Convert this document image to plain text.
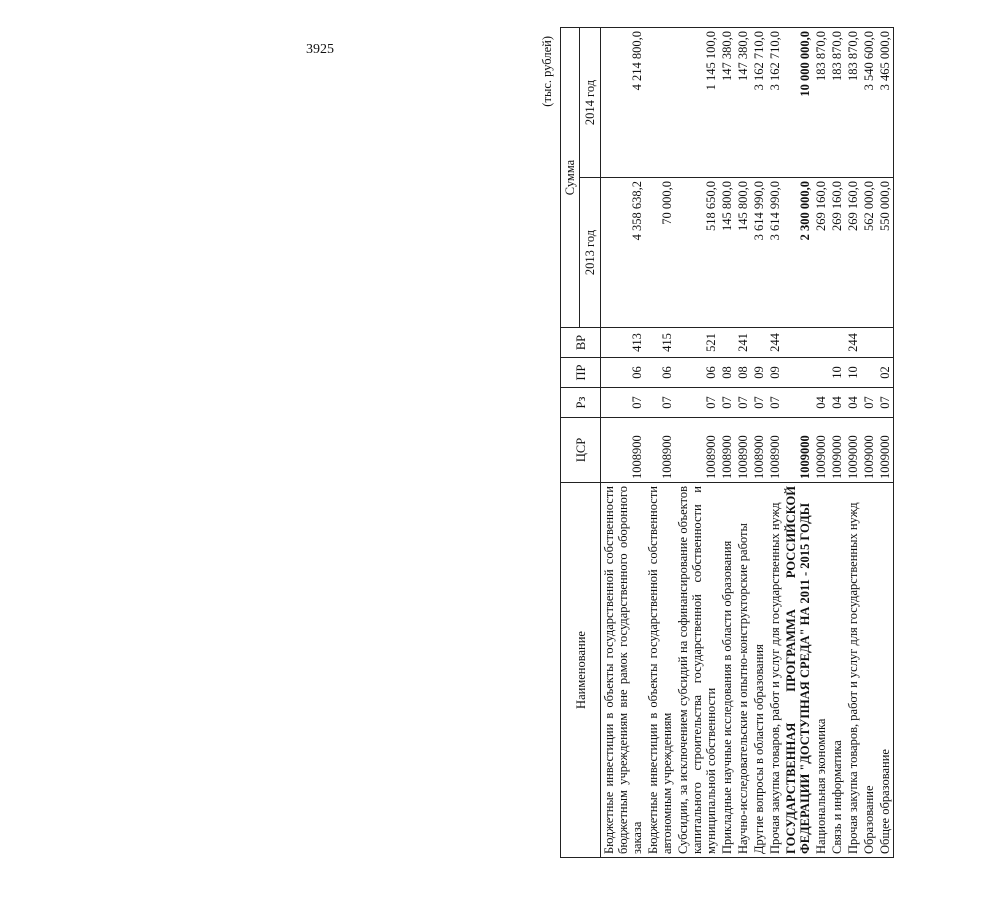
3925	(тыс. рублей)
Наименование	ЦСР	Рз	ПР	ВР	Сумма	
					2013 год	2014 год
Бюджетные инвестиции в объекты государственной собственности бюджетным учреждениям вне рамок государственного оборонного заказа	1008900	07	06	413	4 358 638,2	4 214 800,0
Бюджетные инвестиции в объекты государственной собственности автономным учреждениям	1008900	07	06	415	70 000,0	
Субсидии, за исключением субсидий на софинансирование объектов капитального строительства государственной собственности и муниципальной собственности	1008900	07	06	521	518 650,0	1 145 100,0
Прикладные научные исследования в области образования	1008900	07	08		145 800,0	147 380,0
Научно-исследовательские и опытно-конструкторские работы	1008900	07	08	241	145 800,0	147 380,0
Другие вопросы в области образования	1008900	07	09		3 614 990,0	3 162 710,0
Прочая закупка товаров, работ и услуг для государственных нужд	1008900	07	09	244	3 614 990,0	3 162 710,0
ГОСУДАРСТВЕННАЯ ПРОГРАММА РОССИЙСКОЙ ФЕДЕРАЦИИ "ДОСТУПНАЯ СРЕДА" НА 2011 - 2015 ГОДЫ	1009000				2 300 000,0	10 000 000,0
Национальная экономика	1009000	04			269 160,0	183 870,0
Связь и информатика	1009000	04	10		269 160,0	183 870,0
Прочая закупка товаров, работ и услуг для государственных нужд	1009000	04	10	244	269 160,0	183 870,0
Образование	1009000	07			562 000,0	3 540 600,0
Общее образование	1009000	07	02		550 000,0	3 465 000,0
